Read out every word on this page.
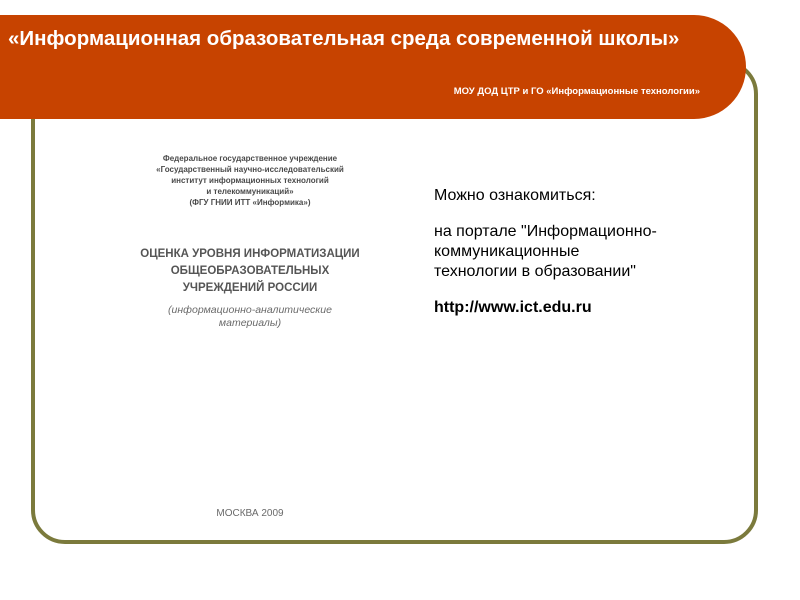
«Информационная образовательная среда современной школы»
МОУ ДОД ЦТР и ГО «Информационные технологии»
Федеральное государственное учреждение
«Государственный научно-исследовательский
институт информационных технологий
и телекоммуникаций»
(ФГУ ГНИИ ИТТ «Информика»)
ОЦЕНКА УРОВНЯ ИНФОРМАТИЗАЦИИ
ОБЩЕОБРАЗОВАТЕЛЬНЫХ
УЧРЕЖДЕНИЙ РОССИИ
(информационно-аналитические
материалы)
МОСКВА 2009
Можно ознакомиться:
на портале "Информационно-
коммуникационные
технологии в образовании"
http://www.ict.edu.ru
